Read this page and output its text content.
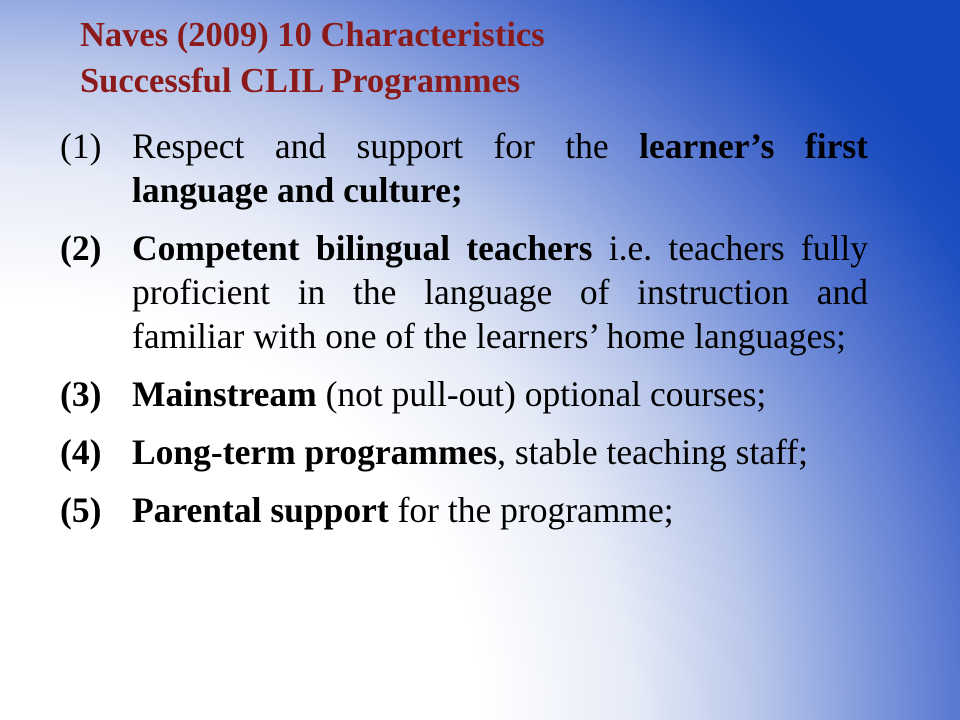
Naves (2009) 10 Characteristics
Successful CLIL Programmes
(1) Respect and support for the learner’s first language and culture;
(2) Competent bilingual teachers i.e. teachers fully proficient in the language of instruction and familiar with one of the learners’ home languages;
(3) Mainstream (not pull-out) optional courses;
(4) Long-term programmes, stable teaching staff;
(5) Parental support for the programme;
